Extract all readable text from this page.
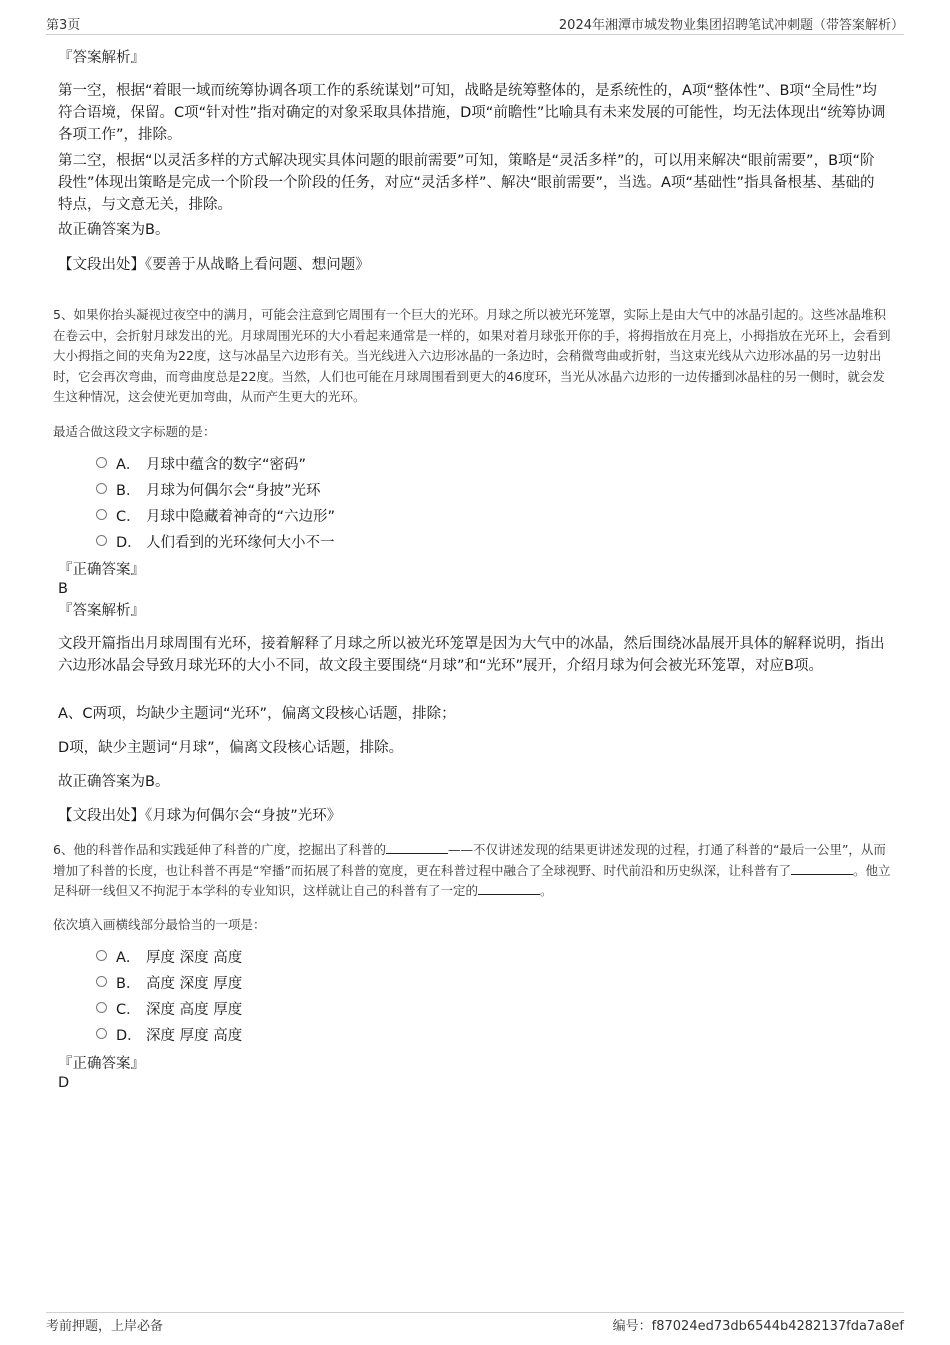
第3页	2024年湘潭市城发物业集团招聘笔试冲刺题（带答案解析）
『答案解析』
第一空，根据“着眼一域而统筹协调各项工作的系统谋划”可知，战略是统筹整体的，是系统性的，A项“整体性”、B项“全局性”均符合语境，保留。C项“针对性”指对确定的对象采取具体措施，D项“前瞻性”比喻具有未来发展的可能性，均无法体现出“统筹协调各项工作”，排除。
第二空，根据“以灵活多样的方式解决现实具体问题的眼前需要”可知，策略是“灵活多样”的，可以用来解决“眼前需要”，B项“阶段性”体现出策略是完成一个阶段一个阶段的任务，对应“灵活多样”、解决“眼前需要”，当选。A项“基础性”指具备根基、基础的特点，与文意无关，排除。
故正确答案为B。
【文段出处】《要善于从战略上看问题、想问题》
5、如果你抬头凝视过夜空中的满月，可能会注意到它周围有一个巨大的光环。月球之所以被光环笼罩，实际上是由大气中的冰晶引起的。这些冰晶堆积在卷云中，会折射月球发出的光。月球周围光环的大小看起来通常是一样的，如果对着月球张开你的手，将拇指放在月亮上，小拇指放在光环上，会看到大小拇指之间的夹角为22度，这与冰晶呈六边形有关。当光线进入六边形冰晶的一条边时，会稍微弯曲或折射，当这束光线从六边形冰晶的另一边射出时，它会再次弯曲，而弯曲度总是22度。当然，人们也可能在月球周围看到更大的46度环，当光从冰晶六边形的一边传播到冰晶柱的另一侧时，就会发生这种情况，这会使光更加弯曲，从而产生更大的光环。
最适合做这段文字标题的是：
A． 月球中蕴含的数字“密码”
B． 月球为何偶尔会“身披”光环
C． 月球中隐藏着神奇的“六边形”
D． 人们看到的光环缘何大小不一
『正确答案』
B
『答案解析』
文段开篇指出月球周围有光环，接着解释了月球之所以被光环笼罩是因为大气中的冰晶，然后围绕冰晶展开具体的解释说明，指出六边形冰晶会导致月球光环的大小不同，故文段主要围绕“月球”和“光环”展开，介绍月球为何会被光环笼罩，对应B项。
A、C两项，均缺少主题词“光环”，偏离文段核心话题，排除；
D项，缺少主题词“月球”，偏离文段核心话题，排除。
故正确答案为B。
【文段出处】《月球为何偶尔会“身披”光环》
6、他的科普作品和实践延伸了科普的广度，挖掘出了科普的	——不仅讲述发现的结果更讲述发现的过程，打通了科普的“最后一公里”，从而增加了科普的长度，也让科普不再是“窄播”而拓展了科普的宽度，更在科普过程中融合了全球视野、时代前沿和历史纵深，让科普有了	。他立足科研一线但又不拘泥于本学科的专业知识，这样就让自己的科普有了一定的	。
依次填入画横线部分最恰当的一项是：
A． 厚度 深度 高度
B． 高度 深度 厚度
C． 深度 高度 厚度
D． 深度 厚度 高度
『正确答案』
D
考前押题，上岸必备	编号：f87024ed73db6544b4282137fda7a8ef
